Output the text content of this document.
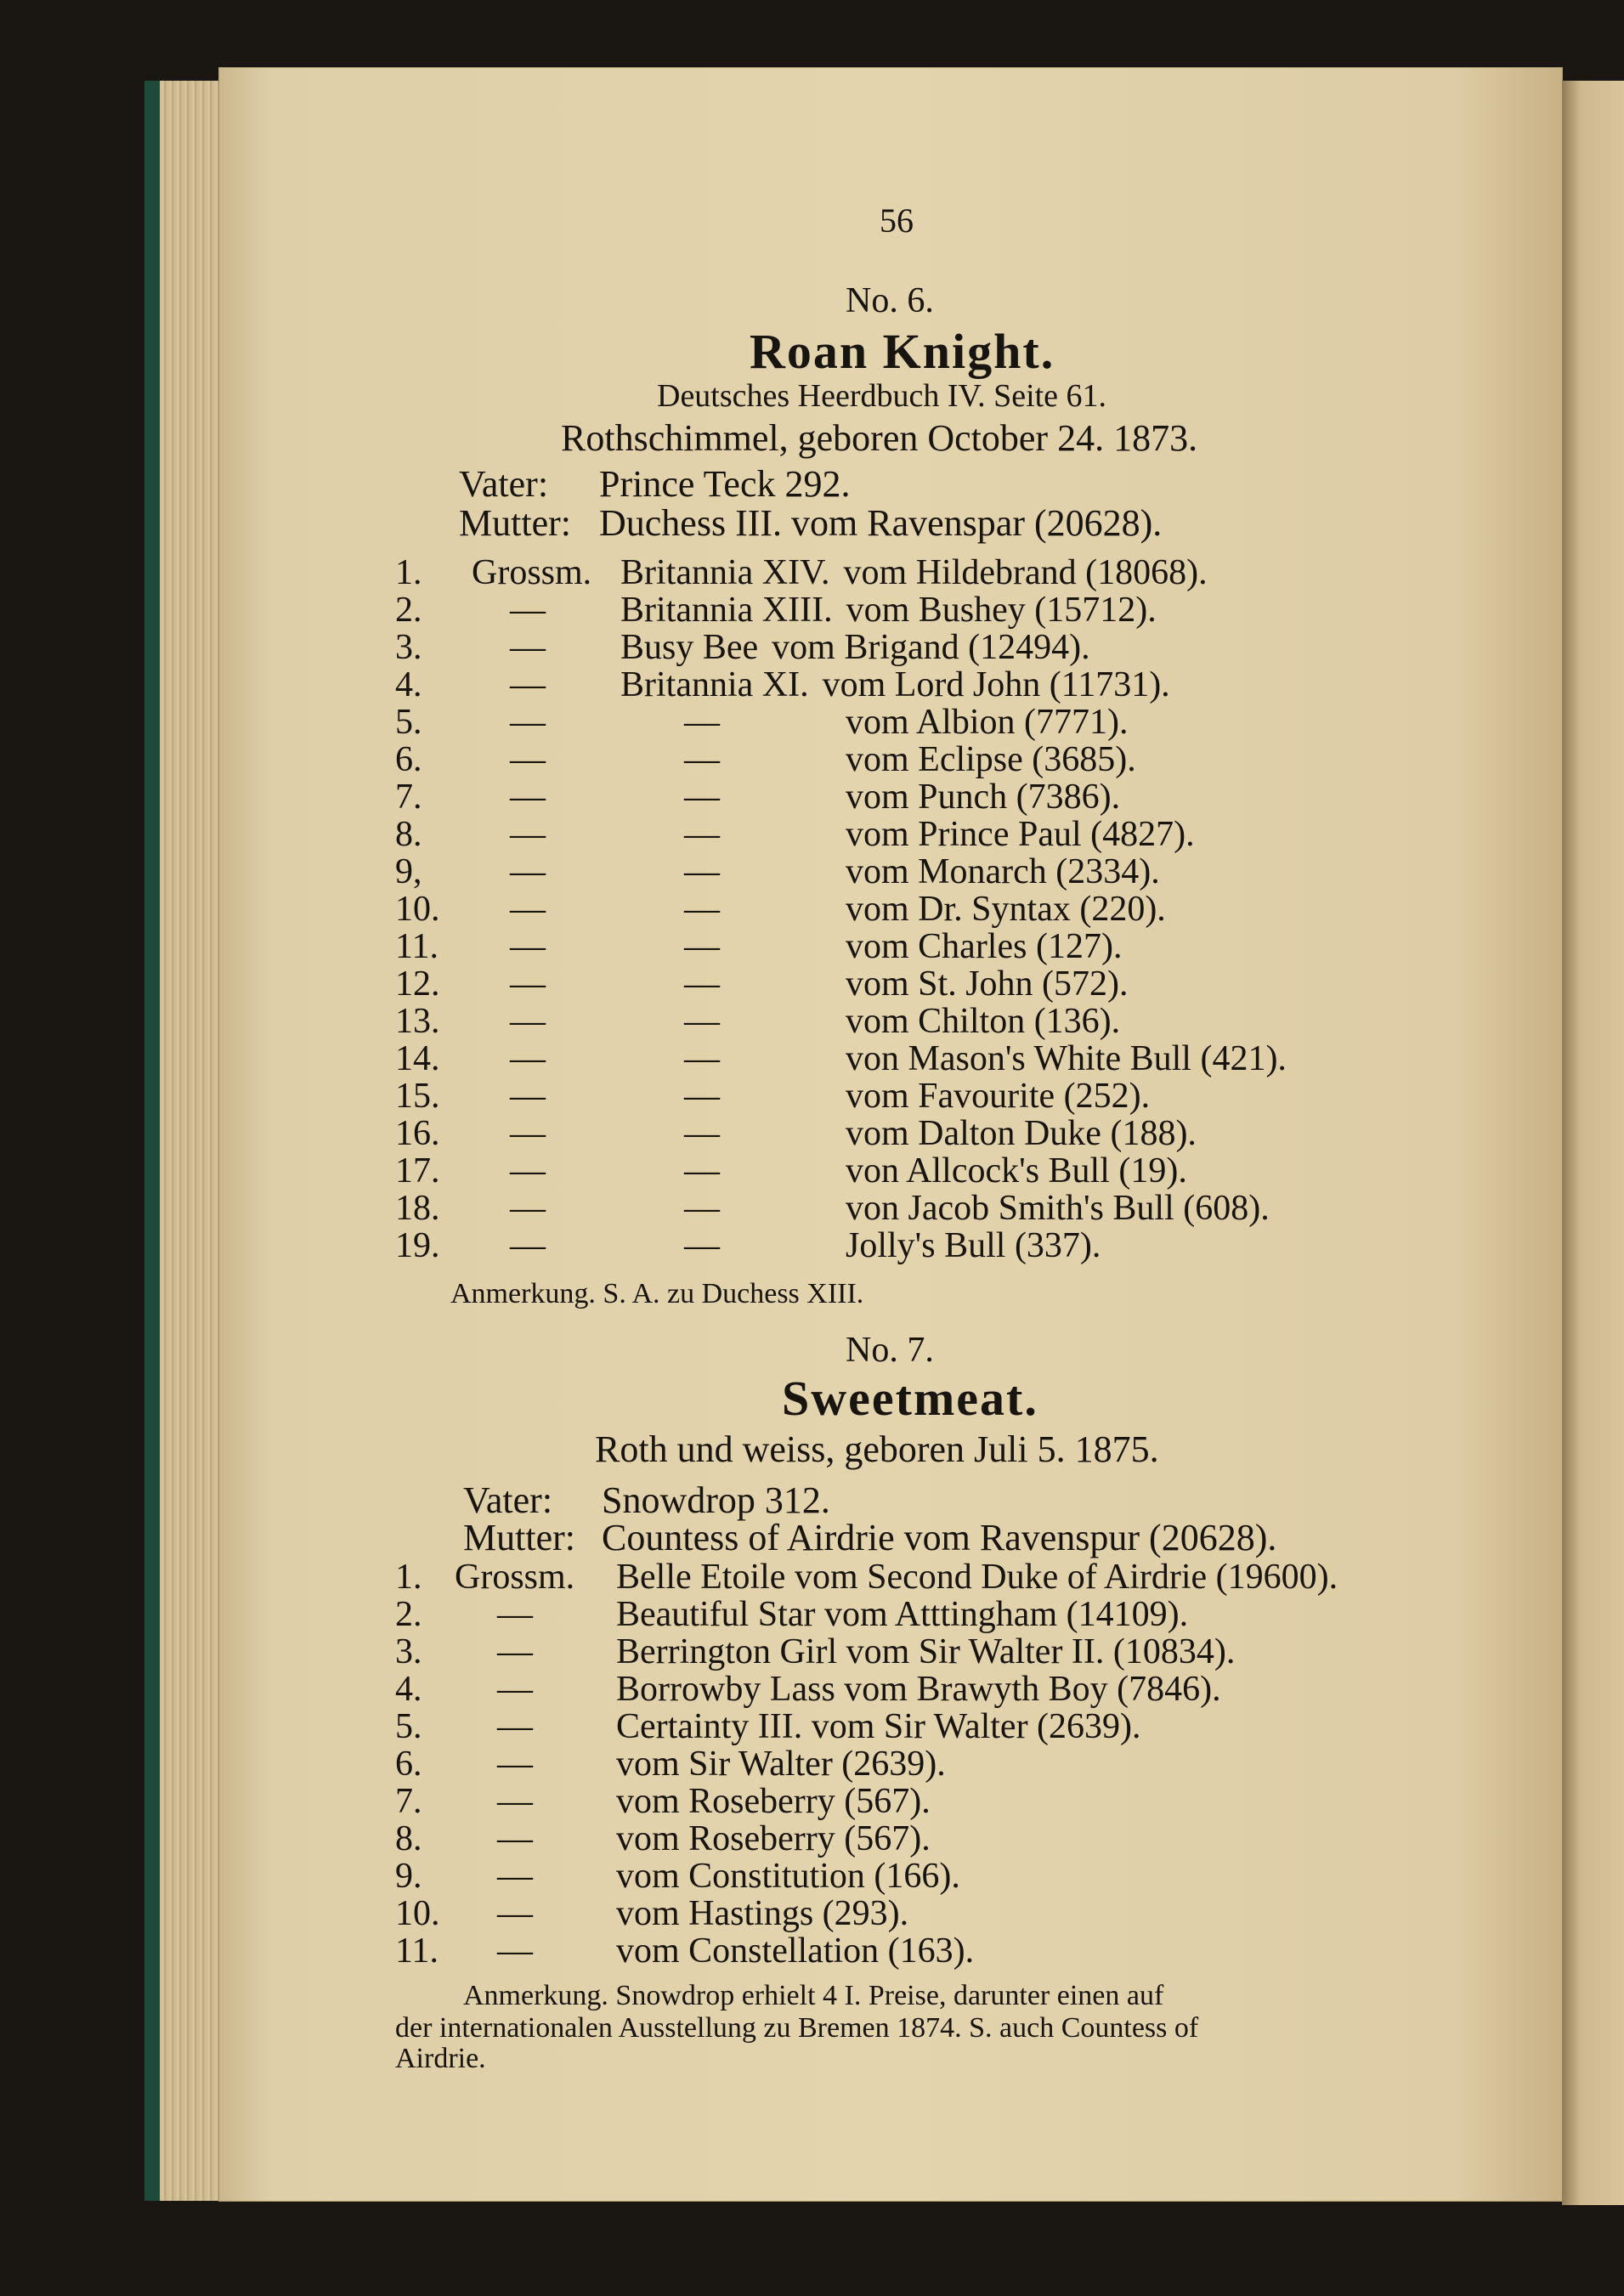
56
No. 6.
Roan Knight.
Deutsches Heerdbuch IV. Seite 61.
Rothschimmel, geboren October 24. 1873.
Vater: Prince Teck 292.
Mutter: Duchess III. vom Ravenspar (20628).
1. Grossm. Britannia XIV. vom Hildebrand (18068).
2. — Britannia XIII. vom Bushey (15712).
3. — Busy Bee vom Brigand (12494).
4. — Britannia XI. vom Lord John (11731).
5. —	—	vom Albion (7771).
6. —	—	vom Eclipse (3685).
7. —	—	vom Punch (7386).
8. —	—	vom Prince Paul (4827).
9, —	—	vom Monarch (2334).
10. —	—	vom Dr. Syntax (220).
11. —	—	vom Charles (127).
12. —	—	vom St. John (572).
13. —	—	vom Chilton (136).
14. —	—	von Mason's White Bull (421).
15. —	—	vom Favourite (252).
16. —	—	vom Dalton Duke (188).
17. —	—	von Allcock's Bull (19).
18. —	—	von Jacob Smith's Bull (608).
19. —	—	Jolly's Bull (337).
Anmerkung. S. A. zu Duchess XIII.
No. 7.
Sweetmeat.
Roth und weiss, geboren Juli 5. 1875.
Vater: Snowdrop 312.
Mutter: Countess of Airdrie vom Ravenspur (20628).
1. Grossm. Belle Etoile vom Second Duke of Airdrie (19600).
2. — Beautiful Star vom Atttingham (14109).
3. — Berrington Girl vom Sir Walter II. (10834).
4. — Borrowby Lass vom Brawyth Boy (7846).
5. — Certainty III. vom Sir Walter (2639).
6. — vom Sir Walter (2639).
7. — vom Roseberry (567).
8. — vom Roseberry (567).
9. — vom Constitution (166).
10. — vom Hastings (293).
11. — vom Constellation (163).
Anmerkung. Snowdrop erhielt 4 I. Preise, darunter einen auf
der internationalen Ausstellung zu Bremen 1874. S. auch Countess of
Airdrie.
